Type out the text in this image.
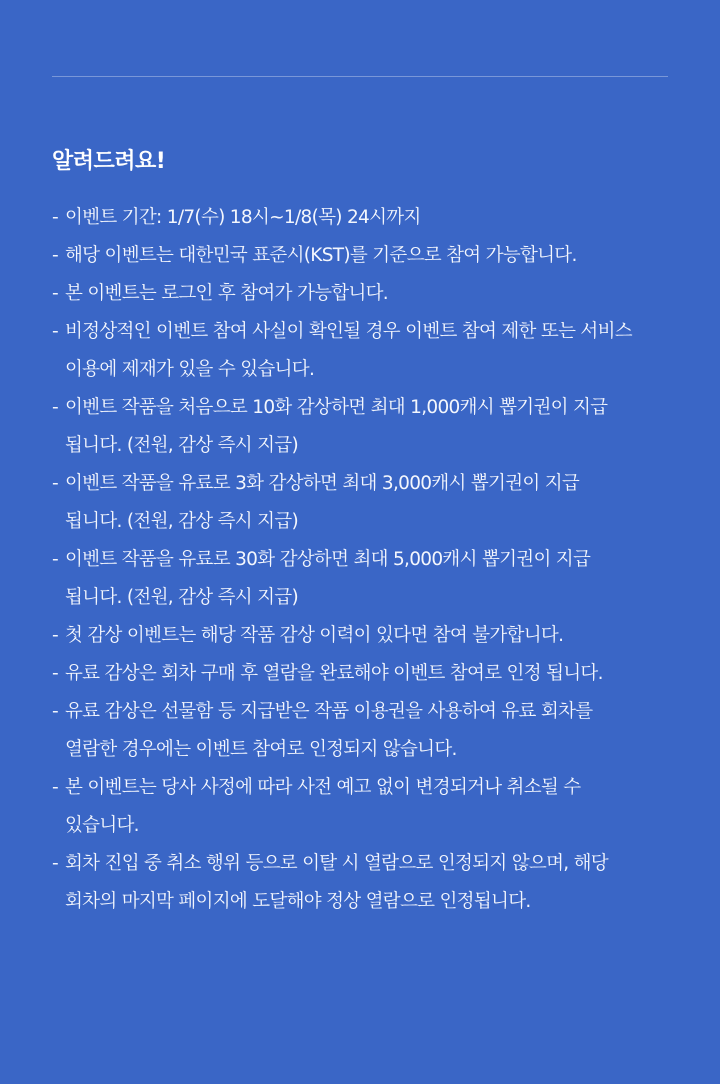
알려드려요!
- 이벤트 기간: 1/7(수) 18시~1/8(목) 24시까지
- 해당 이벤트는 대한민국 표준시(KST)를 기준으로 참여 가능합니다.
- 본 이벤트는 로그인 후 참여가 가능합니다.
- 비정상적인 이벤트 참여 사실이 확인될 경우 이벤트 참여 제한 또는 서비스
이용에 제재가 있을 수 있습니다.
- 이벤트 작품을 처음으로 10화 감상하면 최대 1,000캐시 뽑기권이 지급
됩니다. (전원, 감상 즉시 지급)
- 이벤트 작품을 유료로 3화 감상하면 최대 3,000캐시 뽑기권이 지급
됩니다. (전원, 감상 즉시 지급)
- 이벤트 작품을 유료로 30화 감상하면 최대 5,000캐시 뽑기권이 지급
됩니다. (전원, 감상 즉시 지급)
- 첫 감상 이벤트는 해당 작품 감상 이력이 있다면 참여 불가합니다.
- 유료 감상은 회차 구매 후 열람을 완료해야 이벤트 참여로 인정 됩니다.
- 유료 감상은 선물함 등 지급받은 작품 이용권을 사용하여 유료 회차를
열람한 경우에는 이벤트 참여로 인정되지 않습니다.
- 본 이벤트는 당사 사정에 따라 사전 예고 없이 변경되거나 취소될 수
있습니다.
- 회차 진입 중 취소 행위 등으로 이탈 시 열람으로 인정되지 않으며, 해당
회차의 마지막 페이지에 도달해야 정상 열람으로 인정됩니다.
